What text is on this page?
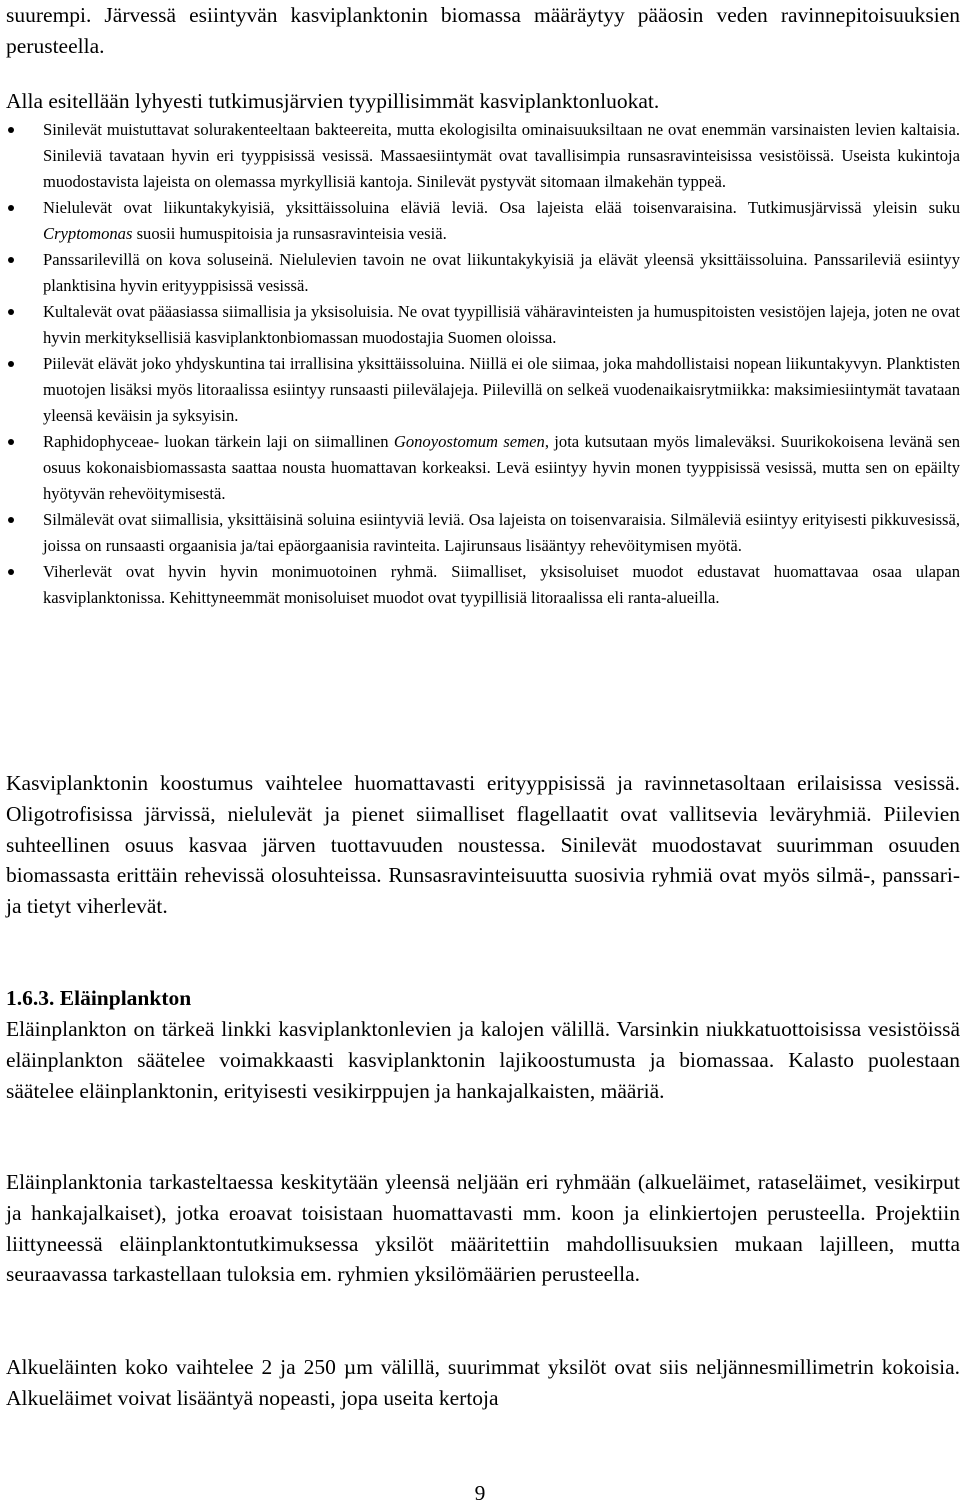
suurempi. Järvessä esiintyvän kasviplanktonin biomassa määräytyy pääosin veden ravinnepitoisuuksien perusteella.

Alla esitellään lyhyesti tutkimusjärvien tyypillisimmät kasviplanktonluokat.

Sinilevät muistuttavat solurakenteeltaan bakteereita, mutta ekologisilta ominaisuuksiltaan ne ovat enemmän varsinaisten levien kaltaisia. Sinileviä tavataan hyvin eri tyyppisissä vesissä. Massaesiintymät ovat tavallisimpia runsasravinteisissa vesistöissä. Useista kukintoja muodostavista lajeista on olemassa myrkyllisiä kantoja. Sinilevät pystyvät sitomaan ilmakehän typpeä.
Nielulevät ovat liikuntakykyisiä, yksittäissoluina eläviä leviä. Osa lajeista elää toisenvaraisina. Tutkimusjärvissä yleisin suku Cryptomonas suosii humuspitoisia ja runsasravinteisia vesiä.
Panssarilevillä on kova soluseinä. Nielulevien tavoin ne ovat liikuntakykyisiä ja elävät yleensä yksittäissoluina. Panssarileviä esiintyy planktisina hyvin erityyppisissä vesissä.
Kultalevät ovat pääasiassa siimallisia ja yksisoluisia. Ne ovat tyypillisiä vähäravinteisten ja humuspitoisten vesistöjen lajeja, joten ne ovat hyvin merkityksellisiä kasviplanktonbiomassan muodostajia Suomen oloissa.
Piilevät elävät joko yhdyskuntina tai irrallisina yksittäissoluina. Niillä ei ole siimaa, joka mahdollistaisi nopean liikuntakyvyn. Planktisten muotojen lisäksi myös litoraalissa esiintyy runsaasti piilevälajeja. Piilevillä on selkeä vuodenaikaisrytmiikka: maksimiesiintymät tavataan yleensä keväisin ja syksyisin.
Raphidophyceae- luokan tärkein laji on siimallinen Gonoyostomum semen, jota kutsutaan myös limaleväksi. Suurikokoisena levänä sen osuus kokonaisbiomassasta saattaa nousta huomattavan korkeaksi. Levä esiintyy hyvin monen tyyppisissä vesissä, mutta sen on epäilty hyötyvän rehevöitymisestä.
Silmälevät ovat siimallisia, yksittäisinä soluina esiintyviä leviä. Osa lajeista on toisenvaraisia. Silmäleviä esiintyy erityisesti pikkuvesissä, joissa on runsaasti orgaanisia ja/tai epäorgaanisia ravinteita. Lajirunsaus lisääntyy rehevöitymisen myötä.
Viherlevät ovat hyvin hyvin monimuotoinen ryhmä. Siimalliset, yksisoluiset muodot edustavat huomattavaa osaa ulapan kasviplanktonissa. Kehittyneemmät monisoluiset muodot ovat tyypillisiä litoraalissa eli ranta-alueilla.

Kasviplanktonin koostumus vaihtelee huomattavasti erityyppisissä ja ravinnetasoltaan erilaisissa vesissä. Oligotrofisissa järvissä, nielulevät ja pienet siimalliset flagellaatit ovat vallitsevia leväryhmiä. Piilevien suhteellinen osuus kasvaa järven tuottavuuden noustessa. Sinilevät muodostavat suurimman osuuden biomassasta erittäin rehevissä olosuhteissa. Runsasravinteisuutta suosivia ryhmiä ovat myös silmä-, panssari- ja tietyt viherlevät.

1.6.3. Eläinplankton

Eläinplankton on tärkeä linkki kasviplanktonlevien ja kalojen välillä. Varsinkin niukkatuottoisissa vesistöissä eläinplankton säätelee voimakkaasti kasviplanktonin lajikoostumusta ja biomassaa. Kalasto puolestaan säätelee eläinplanktonin, erityisesti vesikirppujen ja hankajalkaisten, määriä.

Eläinplanktonia tarkasteltaessa keskitytään yleensä neljään eri ryhmään (alkueläimet, rataseläimet, vesikirput ja hankajalkaiset), jotka eroavat toisistaan huomattavasti mm. koon ja elinkiertojen perusteella. Projektiin liittyneessä eläinplanktontutkimuksessa yksilöt määritettiin mahdollisuuksien mukaan lajilleen, mutta seuraavassa tarkastellaan tuloksia em. ryhmien yksilömäärien perusteella.

Alkueläinten koko vaihtelee 2 ja 250 µm välillä, suurimmat yksilöt ovat siis neljännesmillimetrin kokoisia. Alkueläimet voivat lisääntyä nopeasti, jopa useita kertoja

9
